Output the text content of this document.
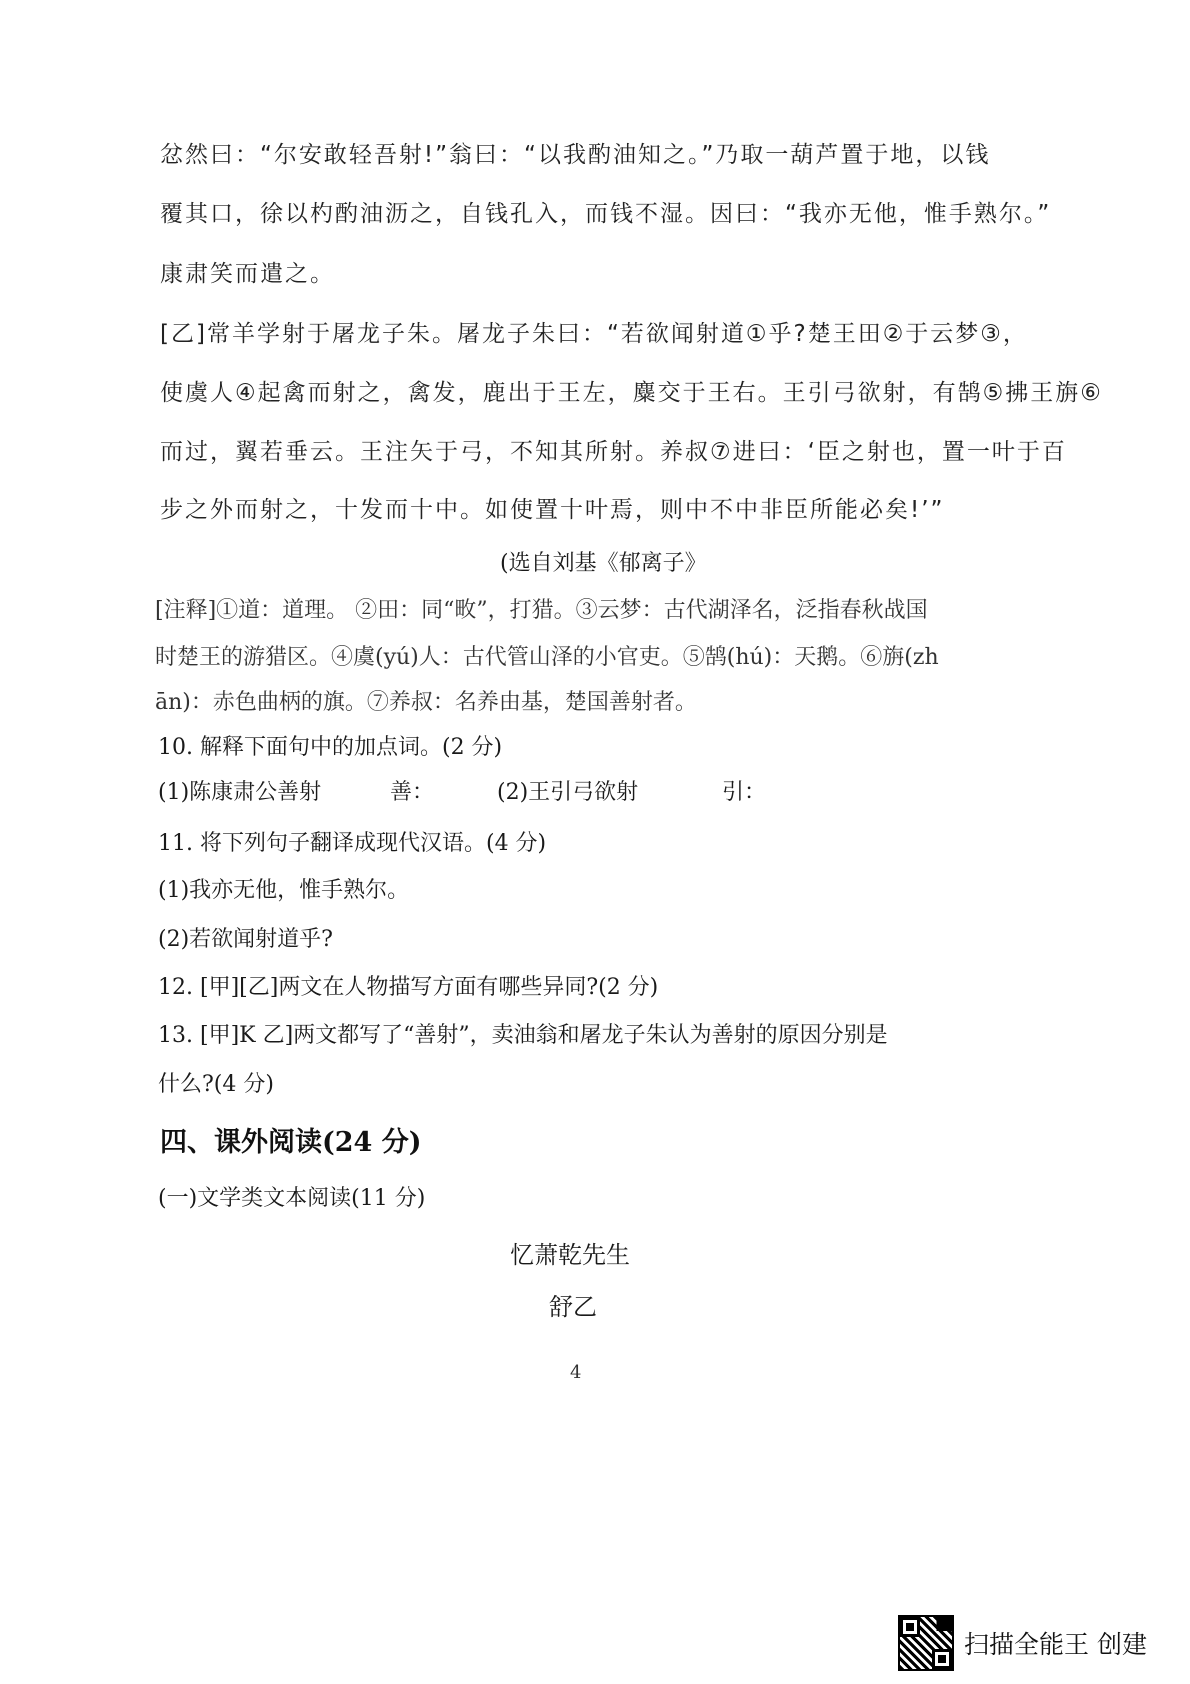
忿然曰：“尔安敢轻吾射!”翁曰：“以我酌油知之。”乃取一葫芦置于地，以钱
覆其口，徐以杓酌油沥之，自钱孔入，而钱不湿。因曰：“我亦无他，惟手熟尔。”
康肃笑而遣之。
[乙]常羊学射于屠龙子朱。屠龙子朱曰：“若欲闻射道①乎?楚王田②于云梦③，
使虞人④起禽而射之，禽发，鹿出于王左，麋交于王右。王引弓欲射，有鹄⑤拂王旃⑥
而过，翼若垂云。王注矢于弓，不知其所射。养叔⑦进曰：‘臣之射也，置一叶于百
步之外而射之，十发而十中。如使置十叶焉，则中不中非臣所能必矣!’”
(选自刘基《郁离子》
[注释]①道：道理。 ②田：同“畋”，打猎。③云梦：古代湖泽名，泛指春秋战国
时楚王的游猎区。④虞(yú)人：古代管山泽的小官吏。⑤鹄(hú)：天鹅。⑥旃(zh
ān)：赤色曲柄的旗。⑦养叔：名养由基，楚国善射者。
10. 解释下面句中的加点词。(2 分)
(1)陈康肃公善射	善：	(2)王引弓欲射	引：
11. 将下列句子翻译成现代汉语。(4 分)
(1)我亦无他，惟手熟尔。
(2)若欲闻射道乎?
12. [甲][乙]两文在人物描写方面有哪些异同?(2 分)
13. [甲]K 乙]两文都写了“善射”，卖油翁和屠龙子朱认为善射的原因分别是
什么?(4 分)
四、课外阅读(24 分)
(一)文学类文本阅读(11 分)
忆萧乾先生
舒乙
4
扫描全能王 创建
